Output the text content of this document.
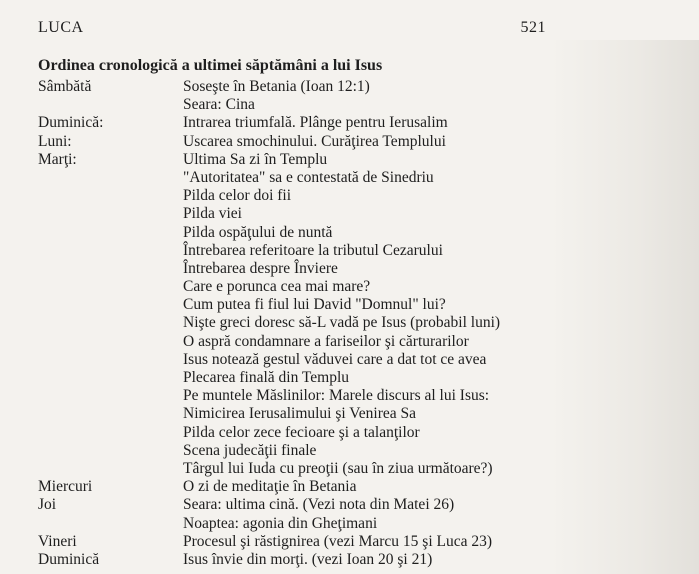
LUCA	521
Ordinea cronologică a ultimei săptămâni a lui Isus
Sâmbătă	Soseşte în Betania (Ioan 12:1)
Seara: Cina
Duminică:	Intrarea triumfală. Plânge pentru Ierusalim
Luni:	Uscarea smochinului. Curăţirea Templului
Marţi:	Ultima Sa zi în Templu
"Autoritatea" sa e contestată de Sinedriu
Pilda celor doi fii
Pilda viei
Pilda ospăţului de nuntă
Întrebarea referitoare la tributul Cezarului
Întrebarea despre Înviere
Care e porunca cea mai mare?
Cum putea fi fiul lui David "Domnul" lui?
Nişte greci doresc să-L vadă pe Isus (probabil luni)
O aspră condamnare a fariseilor şi cărturarilor
Isus notează gestul văduvei care a dat tot ce avea
Plecarea finală din Templu
Pe muntele Măslinilor: Marele discurs al lui Isus:
Nimicirea Ierusalimului şi Venirea Sa
Pilda celor zece fecioare şi a talanţilor
Scena judecăţii finale
Târgul lui Iuda cu preoţii (sau în ziua următoare?)
Miercuri	O zi de meditaţie în Betania
Joi	Seara: ultima cină. (Vezi nota din Matei 26)
Noaptea: agonia din Gheţimani
Vineri	Procesul şi răstignirea (vezi Marcu 15 şi Luca 23)
Duminică	Isus învie din morţi. (vezi Ioan 20 şi 21)
